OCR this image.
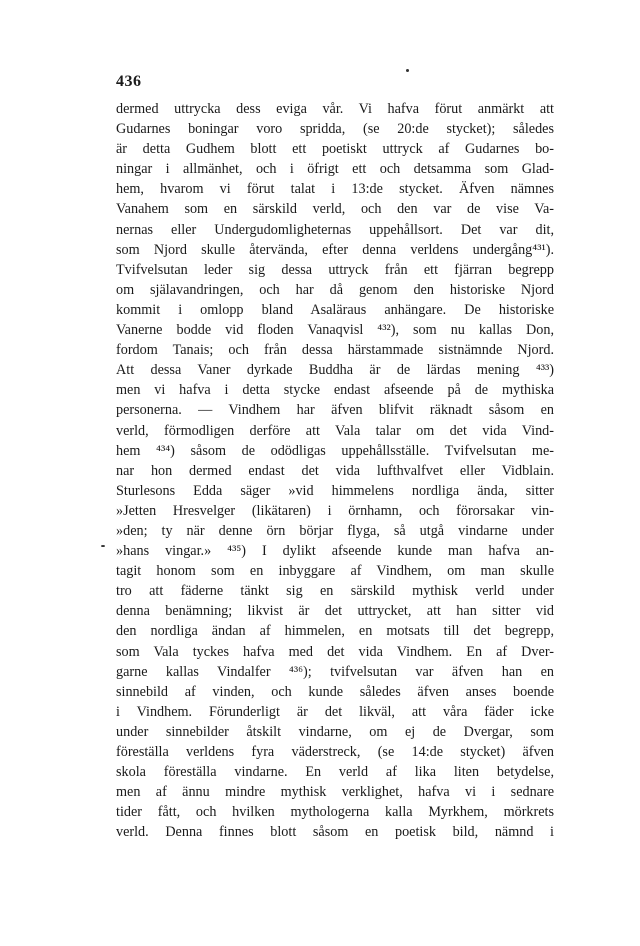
436
dermed uttrycka dess eviga vår. Vi hafva förut anmärkt att
Gudarnes boningar voro spridda, (se 20:de stycket); således
är detta Gudhem blott ett poetiskt uttryck af Gudarnes bo-
ningar i allmänhet, och i öfrigt ett och detsamma som Glad-
hem, hvarom vi förut talat i 13:de stycket. Äfven nämnes
Vanahem som en särskild verld, och den var de vise Va-
nernas eller Undergudomligheternas uppehållsort. Det var dit,
som Njord skulle återvända, efter denna verldens undergång⁴³¹).
Tvifvelsutan leder sig dessa uttryck från ett fjärran begrepp
om själavandringen, och har då genom den historiske Njord
kommit i omlopp bland Asaläraus anhängare. De historiske
Vanerne bodde vid floden Vanaqvisl ⁴³²), som nu kallas Don,
fordom Tanais; och från dessa härstammade sistnämnde Njord.
Att dessa Vaner dyrkade Buddha är de lärdas mening ⁴³³)
men vi hafva i detta stycke endast afseende på de mythiska
personerna. — Vindhem har äfven blifvit räknadt såsom en
verld, förmodligen derföre att Vala talar om det vida Vind-
hem ⁴³⁴) såsom de odödligas uppehållsställe. Tvifvelsutan me-
nar hon dermed endast det vida lufthvalfvet eller Vidblain.
Sturlesons Edda säger »vid himmelens nordliga ända, sitter
»Jetten Hresvelger (likätaren) i örnhamn, och förorsakar vin-
»den; ty när denne örn börjar flyga, så utgå vindarne under
»hans vingar.» ⁴³⁵) I dylikt afseende kunde man hafva an-
tagit honom som en inbyggare af Vindhem, om man skulle
tro att fäderne tänkt sig en särskild mythisk verld under
denna benämning; likvist är det uttrycket, att han sitter vid
den nordliga ändan af himmelen, en motsats till det begrepp,
som Vala tyckes hafva med det vida Vindhem. En af Dver-
garne kallas Vindalfer ⁴³⁶); tvifvelsutan var äfven han en
sinnebild af vinden, och kunde således äfven anses boende
i Vindhem. Förunderligt är det likväl, att våra fäder icke
under sinnebilder åtskilt vindarne, om ej de Dvergar, som
föreställa verldens fyra väderstreck, (se 14:de stycket) äfven
skola föreställa vindarne. En verld af lika liten betydelse,
men af ännu mindre mythisk verklighet, hafva vi i sednare
tider fått, och hvilken mythologerna kalla Myrkhem, mörkrets
verld. Denna finnes blott såsom en poetisk bild, nämnd i
